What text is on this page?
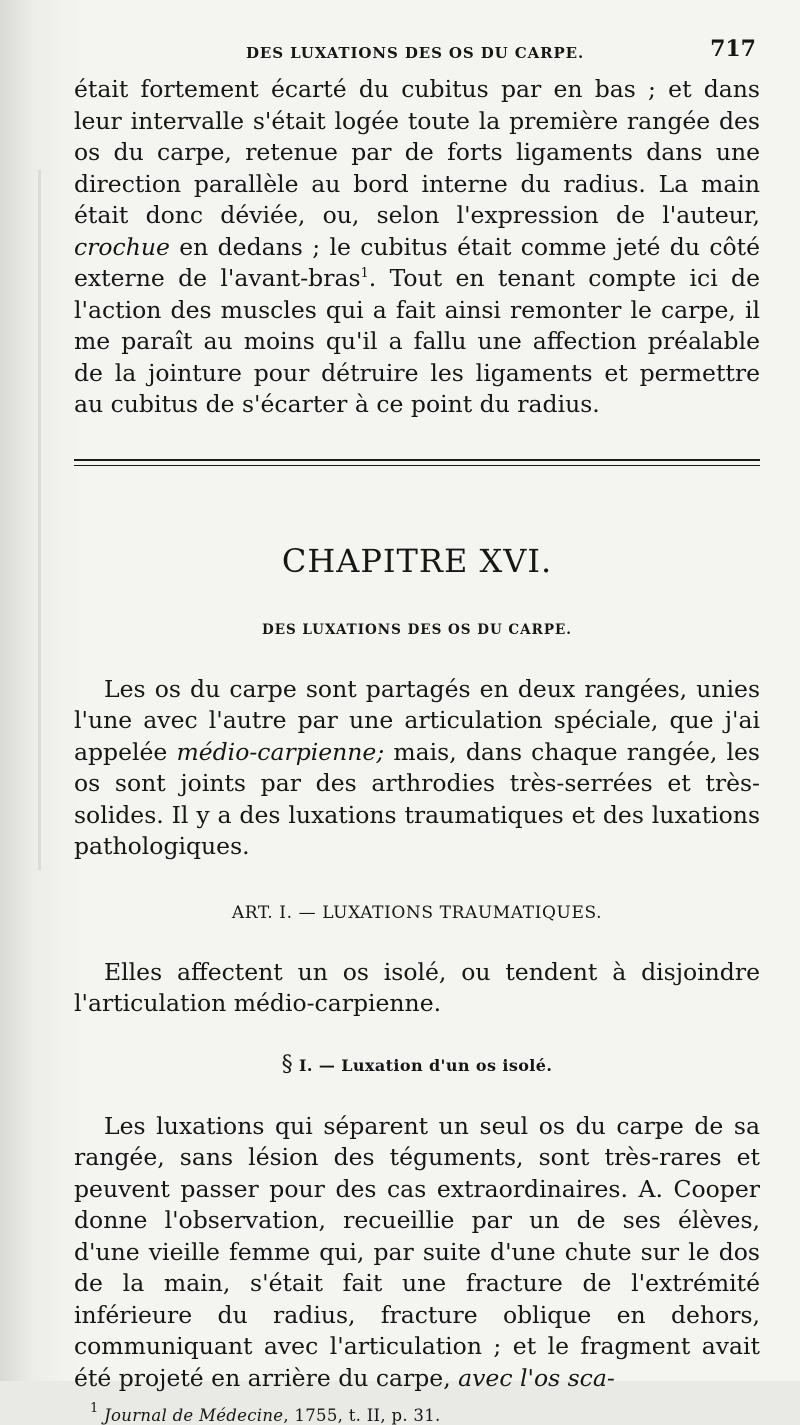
DES LUXATIONS DES OS DU CARPE.	717

était fortement écarté du cubitus par en bas ; et dans leur intervalle s'était logée toute la première rangée des os du carpe, retenue par de forts ligaments dans une direction parallèle au bord interne du radius. La main était donc déviée, ou, selon l'expression de l'auteur, crochue en dedans ; le cubitus était comme jeté du côté externe de l'avant-bras$^1$. Tout en tenant compte ici de l'action des muscles qui a fait ainsi remonter le carpe, il me paraît au moins qu'il a fallu une affection préalable de la jointure pour détruire les ligaments et permettre au cubitus de s'écarter à ce point du radius.

CHAPITRE XVI.
DES LUXATIONS DES OS DU CARPE.

Les os du carpe sont partagés en deux rangées, unies l'une avec l'autre par une articulation spéciale, que j'ai appelée médio-carpienne; mais, dans chaque rangée, les os sont joints par des arthrodies très-serrées et très-solides. Il y a des luxations traumatiques et des luxations pathologiques.

ART. I. — LUXATIONS TRAUMATIQUES.

Elles affectent un os isolé, ou tendent à disjoindre l'articulation médio-carpienne.

§ I. — Luxation d'un os isolé.

Les luxations qui séparent un seul os du carpe de sa rangée, sans lésion des téguments, sont très-rares et peuvent passer pour des cas extraordinaires. A. Cooper donne l'observation, recueillie par un de ses élèves, d'une vieille femme qui, par suite d'une chute sur le dos de la main, s'était fait une fracture de l'extrémité inférieure du radius, fracture oblique en dehors, communiquant avec l'articulation ; et le fragment avait été projeté en arrière du carpe, avec l'os sca-

$^1$ Journal de Médecine, 1755, t. II, p. 31.
